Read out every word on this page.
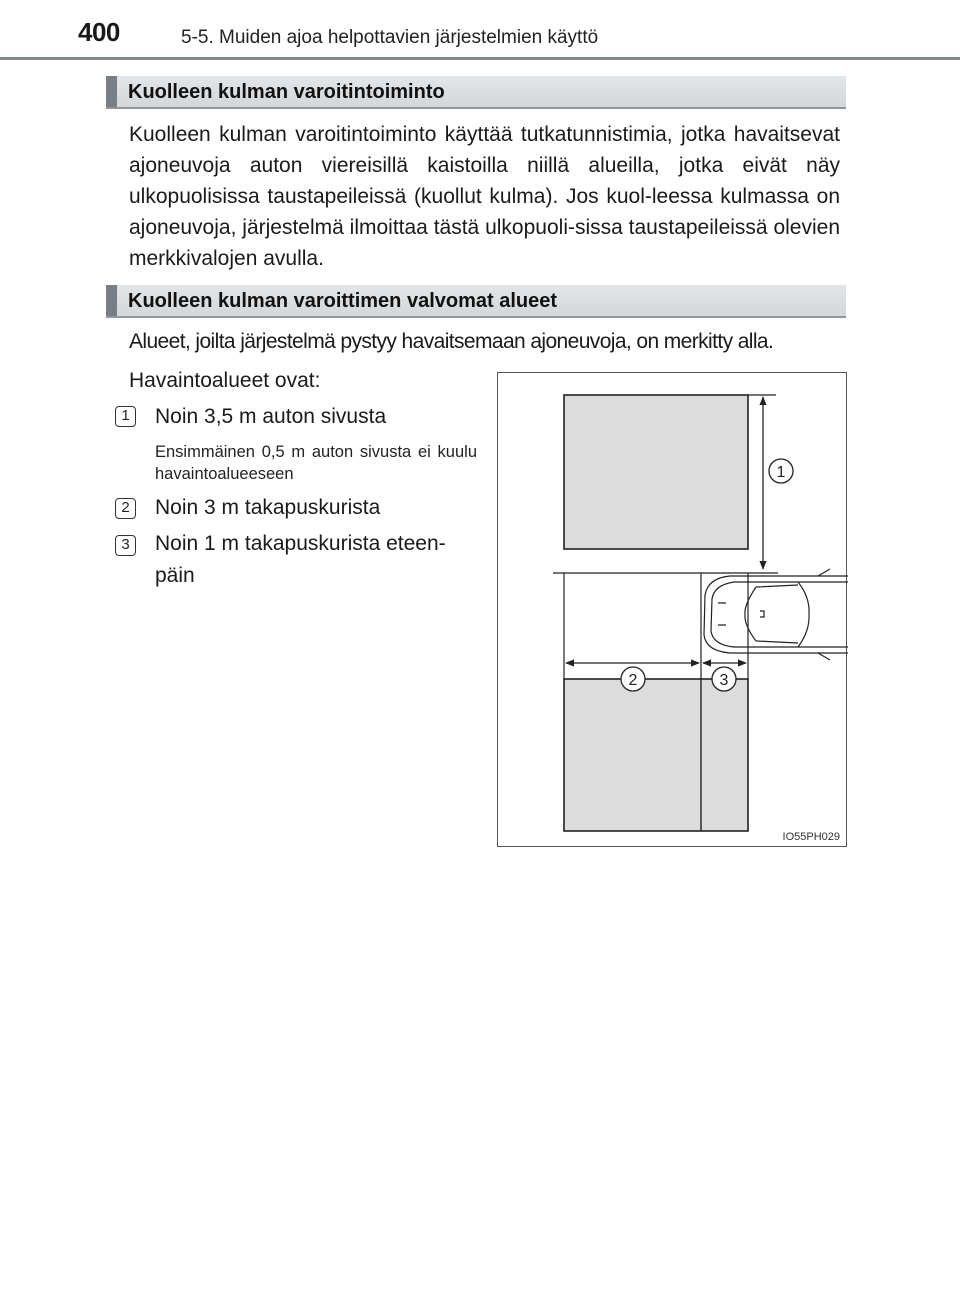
400	5-5. Muiden ajoa helpottavien järjestelmien käyttö
Kuolleen kulman varoitintoiminto
Kuolleen kulman varoitintoiminto käyttää tutkatunnistimia, jotka havaitsevat ajoneuvoja auton viereisillä kaistoilla niillä alueilla, jotka eivät näy ulkopuolisissa taustapeileissä (kuollut kulma). Jos kuol-leessa kulmassa on ajoneuvoja, järjestelmä ilmoittaa tästä ulkopuoli-sissa taustapeileissä olevien merkkivalojen avulla.
Kuolleen kulman varoittimen valvomat alueet
Alueet, joilta järjestelmä pystyy havaitsemaan ajoneuvoja, on merkitty alla.
Havaintoalueet ovat:
1	Noin 3,5 m auton sivusta
Ensimmäinen 0,5 m auton sivusta ei kuulu havaintoalueeseen
2	Noin 3 m takapuskurista
3	Noin 1 m takapuskurista eteen-
päin
1
2	3
IO55PH029
